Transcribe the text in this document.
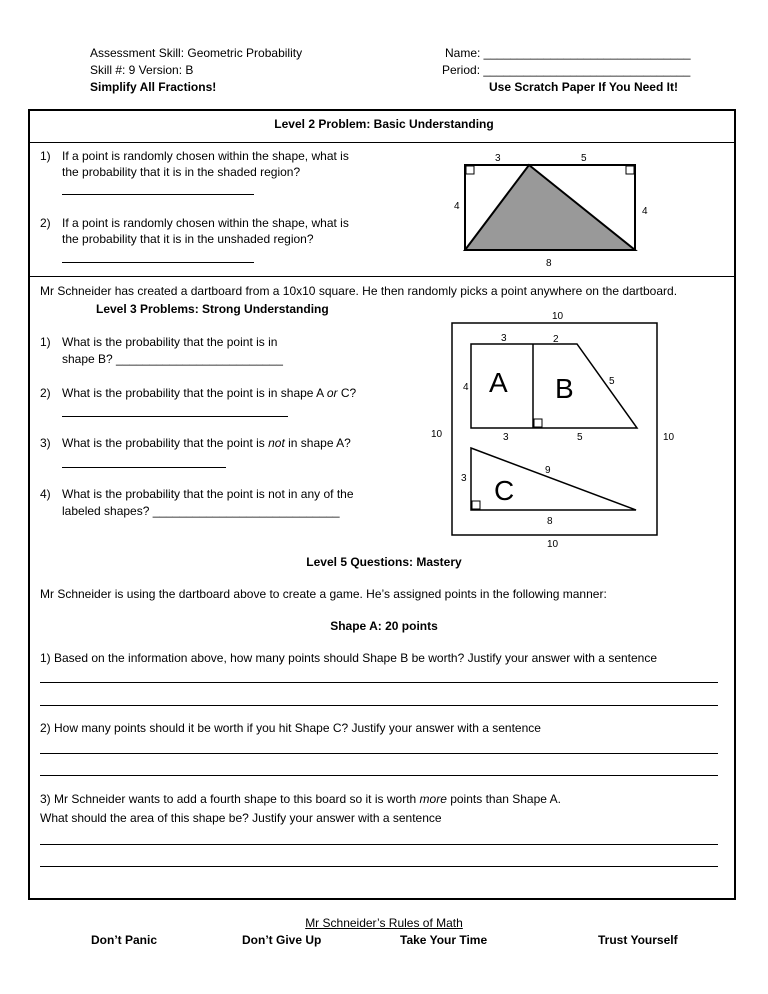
Assessment Skill: Geometric Probability
Skill #: 9 Version: B
Simplify All Fractions!
Name: _______________________________
Period: _______________________________
Use Scratch Paper If You Need It!
Level 2 Problem: Basic Understanding
1) If a point is randomly chosen within the shape, what is
the probability that it is in the shaded region?
2) If a point is randomly chosen within the shape, what is
the probability that it is in the unshaded region?
3	5
4	4
8
Mr Schneider has created a dartboard from a 10x10 square. He then randomly picks a point anywhere on the dartboard.
Level 3 Problems: Strong Understanding
1) What is the probability that the point is in
shape B? _________________________
2) What is the probability that the point is in shape A or C?
3) What is the probability that the point is not in shape A?
4) What is the probability that the point is not in any of the
labeled shapes? ____________________________
10
10	10
10
3	2
4
5
3	5
3
9
8
A B
C
Level 5 Questions: Mastery
Mr Schneider is using the dartboard above to create a game. He’s assigned points in the following manner:
Shape A: 20 points
1) Based on the information above, how many points should Shape B be worth? Justify your answer with a sentence
2) How many points should it be worth if you hit Shape C? Justify your answer with a sentence
3) Mr Schneider wants to add a fourth shape to this board so it is worth more points than Shape A.
What should the area of this shape be? Justify your answer with a sentence
Mr Schneider’s Rules of Math
Don’t Panic	Don’t Give Up	Take Your Time	Trust Yourself
